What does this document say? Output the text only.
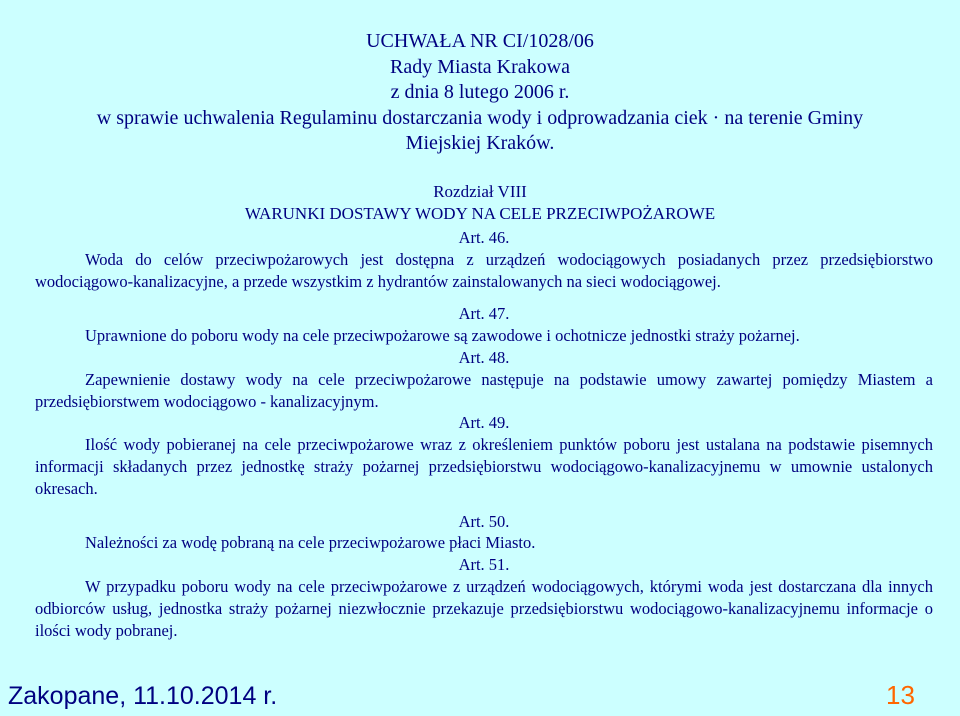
UCHWAŁA NR CI/1028/06
Rady Miasta Krakowa
z dnia 8 lutego 2006 r.
w sprawie uchwalenia Regulaminu dostarczania wody i odprowadzania ciek · na terenie Gminy
Miejskiej Kraków.
Rozdział VIII
WARUNKI DOSTAWY WODY NA CELE PRZECIWPOŻAROWE
Art. 46.
Woda do celów przeciwpożarowych jest dostępna z urządzeń wodociągowych posiadanych przez przedsiębiorstwo wodociągowo-kanalizacyjne, a przede wszystkim z hydrantów zainstalowanych na sieci wodociągowej.
Art. 47.
Uprawnione do poboru wody na cele przeciwpożarowe są zawodowe i ochotnicze jednostki straży pożarnej.
Art. 48.
Zapewnienie dostawy wody na cele przeciwpożarowe następuje na podstawie umowy zawartej pomiędzy Miastem a przedsiębiorstwem wodociągowo - kanalizacyjnym.
Art. 49.
Ilość wody pobieranej na cele przeciwpożarowe wraz z określeniem punktów poboru jest ustalana na podstawie pisemnych informacji składanych przez jednostkę straży pożarnej przedsiębiorstwu wodociągowo-kanalizacyjnemu w umownie ustalonych okresach.
Art. 50.
Należności za wodę pobraną na cele przeciwpożarowe płaci Miasto.
Art. 51.
W przypadku poboru wody na cele przeciwpożarowe z urządzeń wodociągowych, którymi woda jest dostarczana dla innych odbiorców usług, jednostka straży pożarnej niezwłocznie przekazuje przedsiębiorstwu wodociągowo-kanalizacyjnemu informacje o ilości wody pobranej.
Zakopane, 11.10.2014 r.	13
